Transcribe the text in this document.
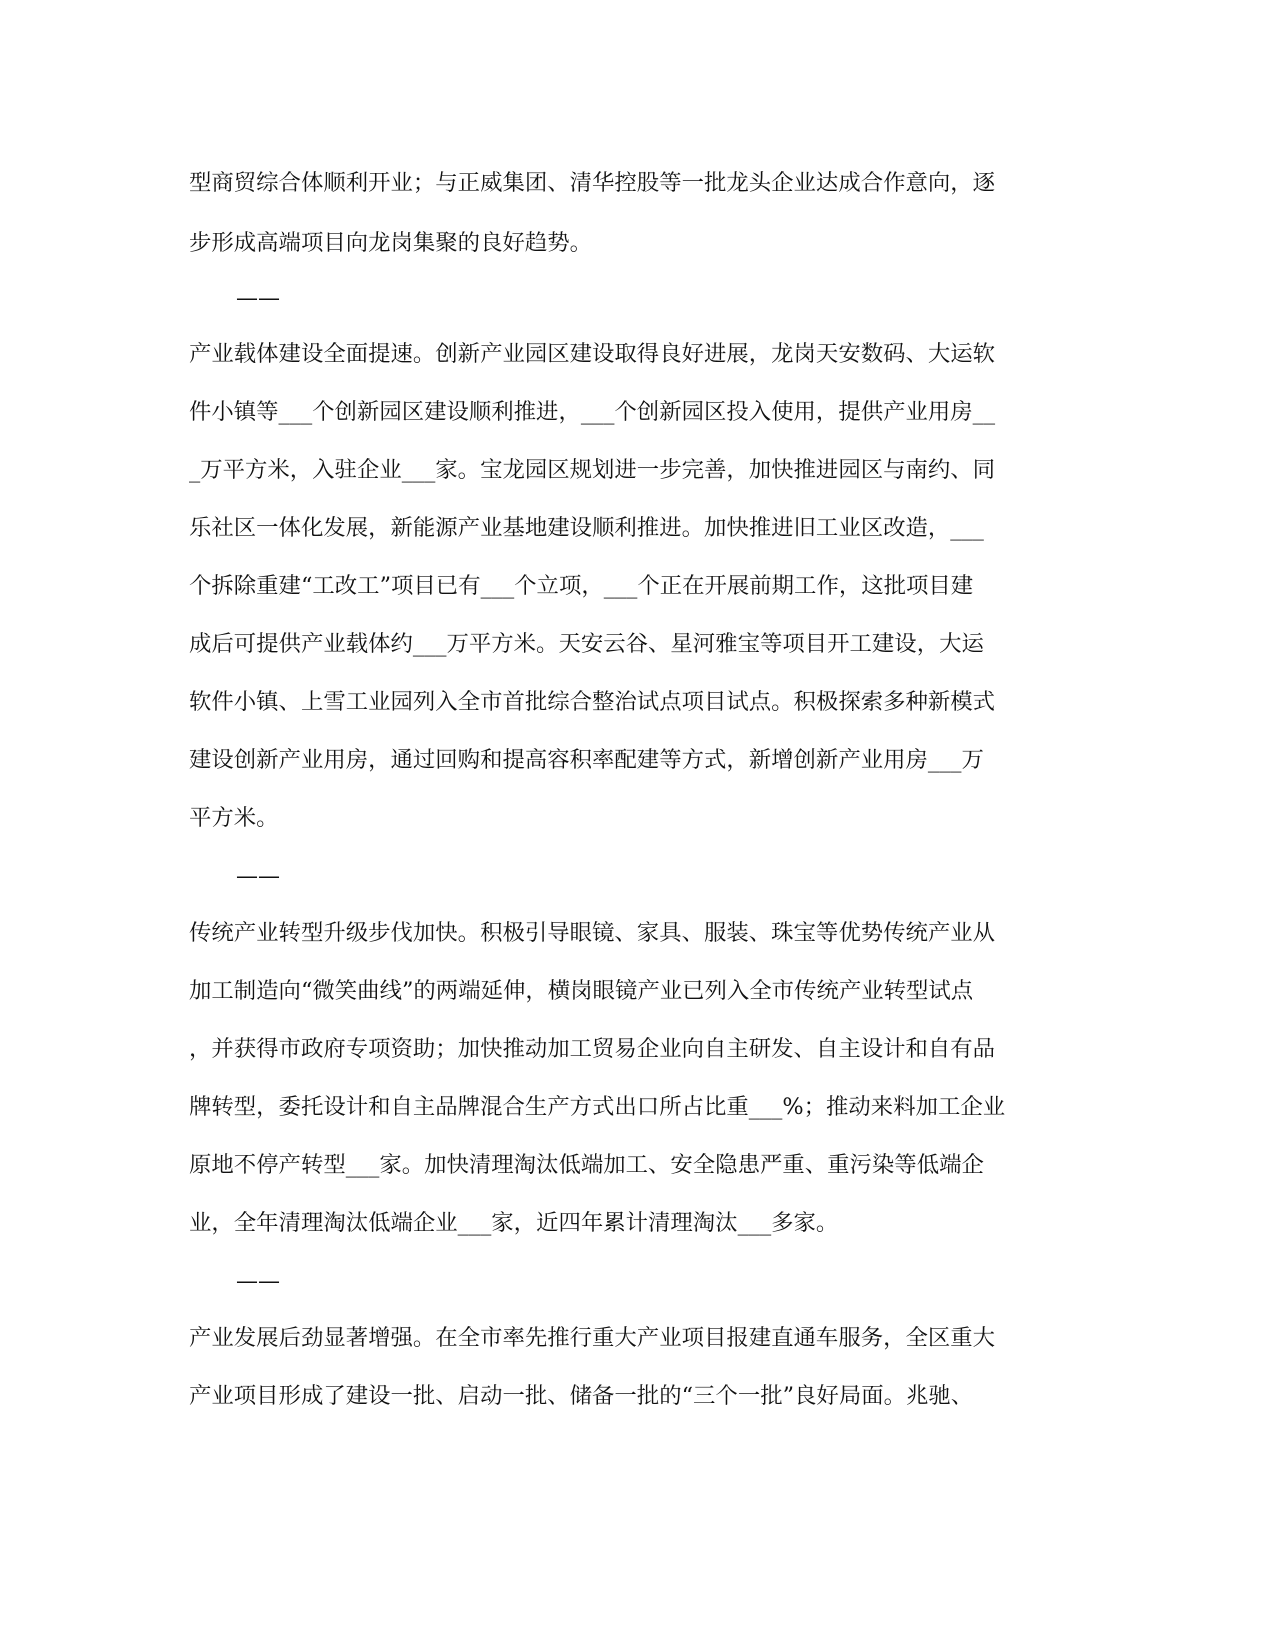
型商贸综合体顺利开业；与正威集团、清华控股等一批龙头企业达成合作意向，逐
步形成高端项目向龙岗集聚的良好趋势。
——
产业载体建设全面提速。创新产业园区建设取得良好进展，龙岗天安数码、大运软
件小镇等___个创新园区建设顺利推进，___个创新园区投入使用，提供产业用房__
_万平方米，入驻企业___家。宝龙园区规划进一步完善，加快推进园区与南约、同
乐社区一体化发展，新能源产业基地建设顺利推进。加快推进旧工业区改造，___
个拆除重建“工改工”项目已有___个立项，___个正在开展前期工作，这批项目建
成后可提供产业载体约___万平方米。天安云谷、星河雅宝等项目开工建设，大运
软件小镇、上雪工业园列入全市首批综合整治试点项目试点。积极探索多种新模式
建设创新产业用房，通过回购和提高容积率配建等方式，新增创新产业用房___万
平方米。
——
传统产业转型升级步伐加快。积极引导眼镜、家具、服装、珠宝等优势传统产业从
加工制造向“微笑曲线”的两端延伸，横岗眼镜产业已列入全市传统产业转型试点
，并获得市政府专项资助；加快推动加工贸易企业向自主研发、自主设计和自有品
牌转型，委托设计和自主品牌混合生产方式出口所占比重___%；推动来料加工企业
原地不停产转型___家。加快清理淘汰低端加工、安全隐患严重、重污染等低端企
业，全年清理淘汰低端企业___家，近四年累计清理淘汰___多家。
——
产业发展后劲显著增强。在全市率先推行重大产业项目报建直通车服务，全区重大
产业项目形成了建设一批、启动一批、储备一批的“三个一批”良好局面。兆驰、
